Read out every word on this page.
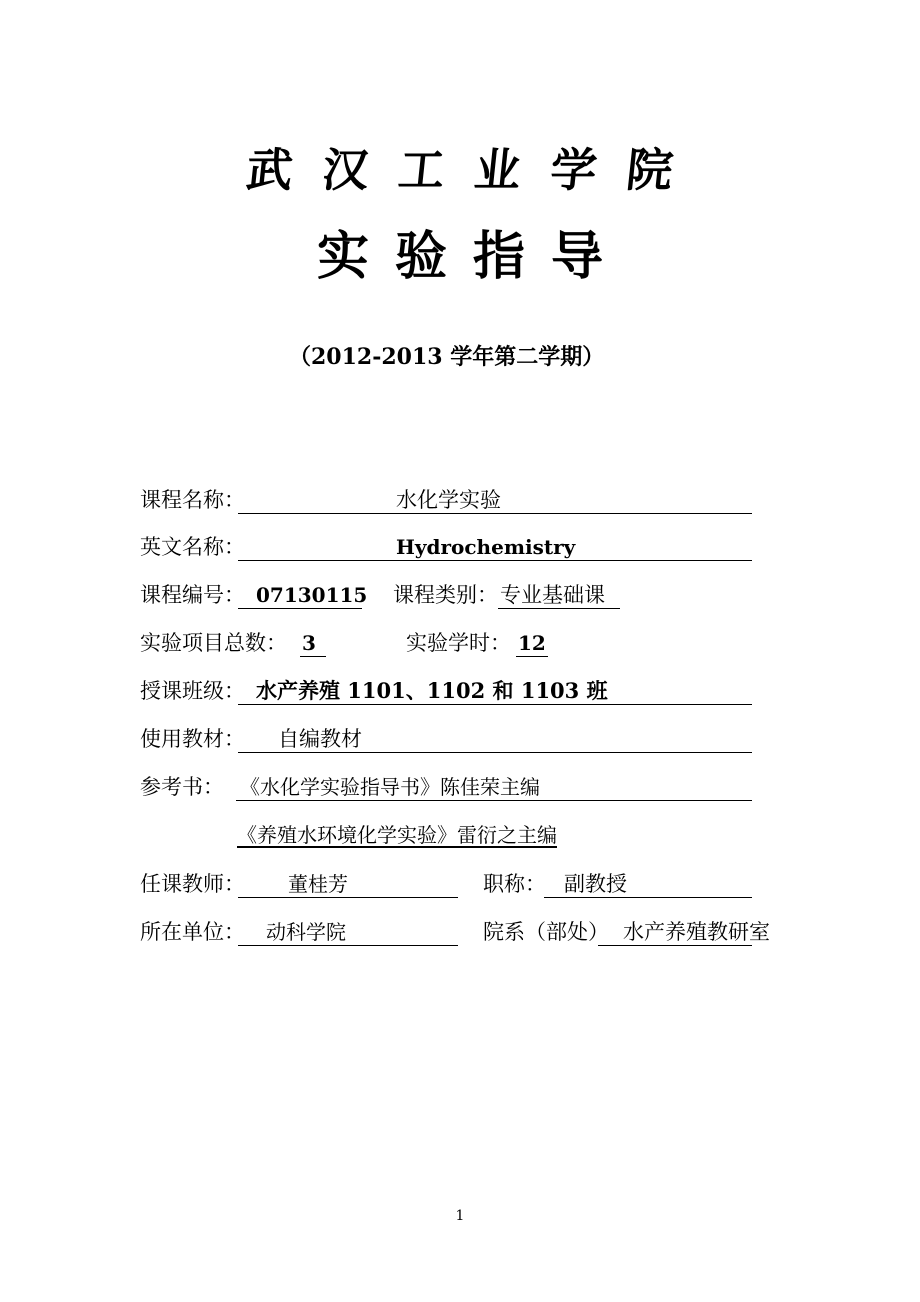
武汉工业学院
实验指导
（2012-2013 学年第二学期）
课程名称：	水化学实验
英文名称：	Hydrochemistry
课程编号： 07130115 课程类别： 专业基础课
实验项目总数： 3	实验学时： 12
授课班级： 水产养殖 1101、1102 和 1103 班
使用教材： 自编教材
参考书： 《水化学实验指导书》陈佳荣主编
《养殖水环境化学实验》雷衍之主编
任课教师： 董桂芳	职称： 副教授
所在单位： 动科学院	院系（部处） 水产养殖教研室
1
